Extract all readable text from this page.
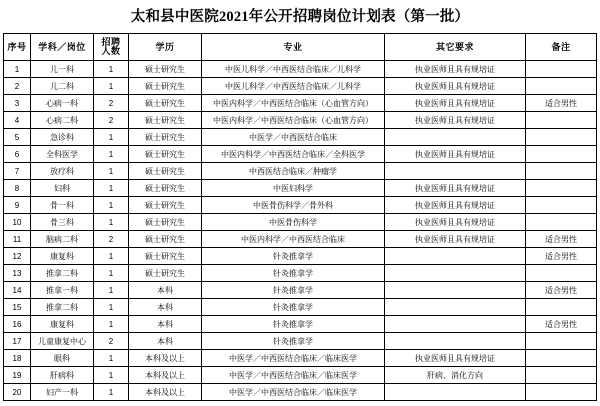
太和县中医院2021年公开招聘岗位计划表（第一批）
序号	学科／岗位	招聘
人数	学历	专业	其它要求	备注
1	儿一科	1	硕士研究生	中医儿科学／中西医结合临床／儿科学	执业医师且具有规培证	
2	儿二科	1	硕士研究生	中医儿科学／中西医结合临床／儿科学	执业医师且具有规培证	
3	心病一科	2	硕士研究生	中医内科学／中西医结合临床（心血管方向）	执业医师且具有规培证	适合男性
4	心病二科	2	硕士研究生	中医内科学／中西医结合临床（心血管方向）	执业医师且具有规培证	
5	急诊科	1	硕士研究生	中医学／中西医结合临床		
6	全科医学	1	硕士研究生	中医内科学／中西医结合临床／全科医学	执业医师且具有规培证	
7	放疗科	1	硕士研究生	中西医结合临床／肿瘤学		
8	妇科	1	硕士研究生	中医妇科学	执业医师且具有规培证	
9	骨一科	1	硕士研究生	中医骨伤科学／骨外科	执业医师且具有规培证	
10	骨三科	1	硕士研究生	中医骨伤科学	执业医师且具有规培证	
11	脑病二科	2	硕士研究生	中医内科学／中西医结合临床	执业医师且具有规培证	适合男性
12	康复科	1	硕士研究生	针灸推拿学		适合男性
13	推拿二科	1	硕士研究生	针灸推拿学		
14	推拿一科	1	本科	针灸推拿学		适合男性
15	推拿二科	1	本科	针灸推拿学		
16	康复科	1	本科	针灸推拿学		适合男性
17	儿童康复中心	2	本科	针灸推拿学		
18	眼科	1	本科及以上	中医学／中西医结合临床／临床医学	执业医师且具有规培证	
19	肝病科	1	本科及以上	中医学／中西医结合临床／临床医学	肝病、消化方向	
20	妇产一科	1	本科及以上	中医学／中西医结合临床／临床医学		
